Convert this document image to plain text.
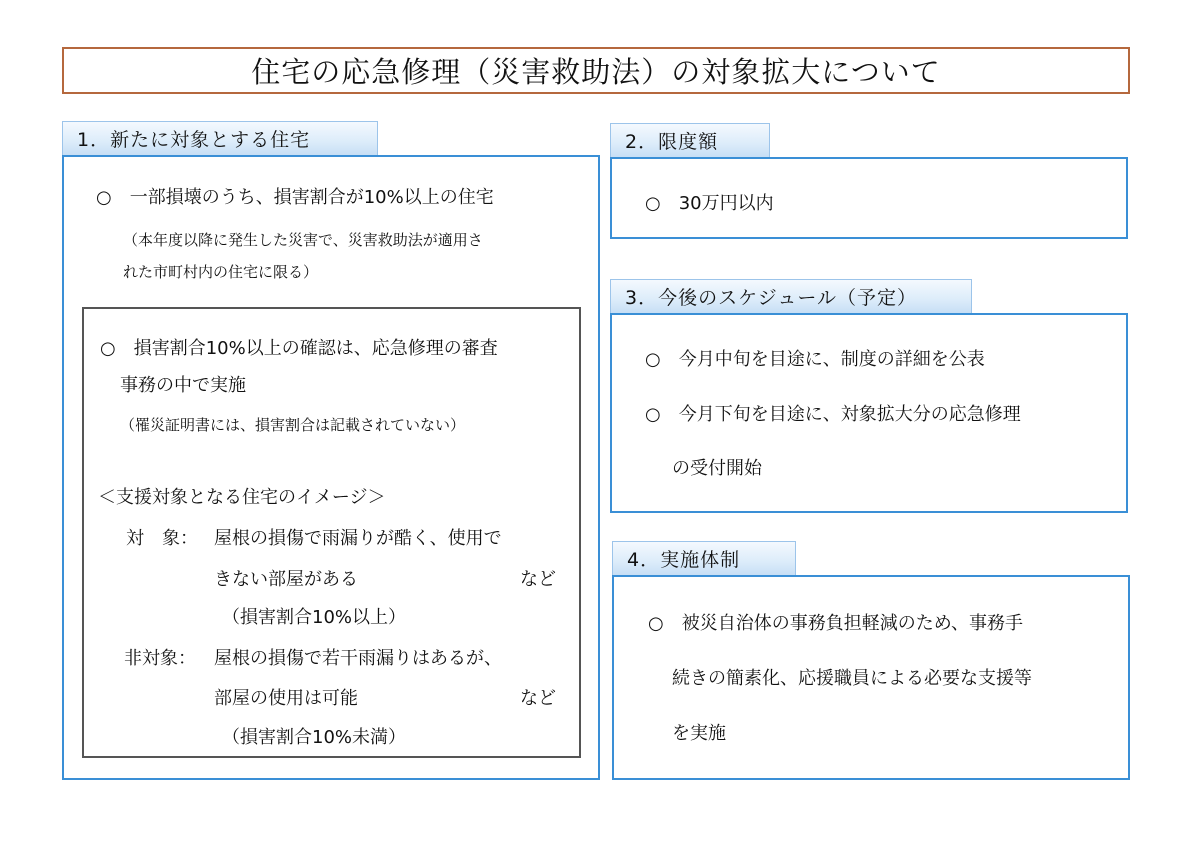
住宅の応急修理（災害救助法）の対象拡大について
1．新たに対象とする住宅
○　一部損壊のうち、損害割合が10%以上の住宅
（本年度以降に発生した災害で、災害救助法が適用さ
れた市町村内の住宅に限る）
○　損害割合10%以上の確認は、応急修理の審査
事務の中で実施
（罹災証明書には、損害割合は記載されていない）
＜支援対象となる住宅のイメージ＞
対　象： 屋根の損傷で雨漏りが酷く、使用で
きない部屋がある	など
（損害割合10%以上）
非対象： 屋根の損傷で若干雨漏りはあるが、
部屋の使用は可能	など
（損害割合10%未満）
2．限度額
○　30万円以内
3．今後のスケジュール（予定）
○　今月中旬を目途に、制度の詳細を公表
○　今月下旬を目途に、対象拡大分の応急修理
の受付開始
4．実施体制
○　被災自治体の事務負担軽減のため、事務手
続きの簡素化、応援職員による必要な支援等
を実施
